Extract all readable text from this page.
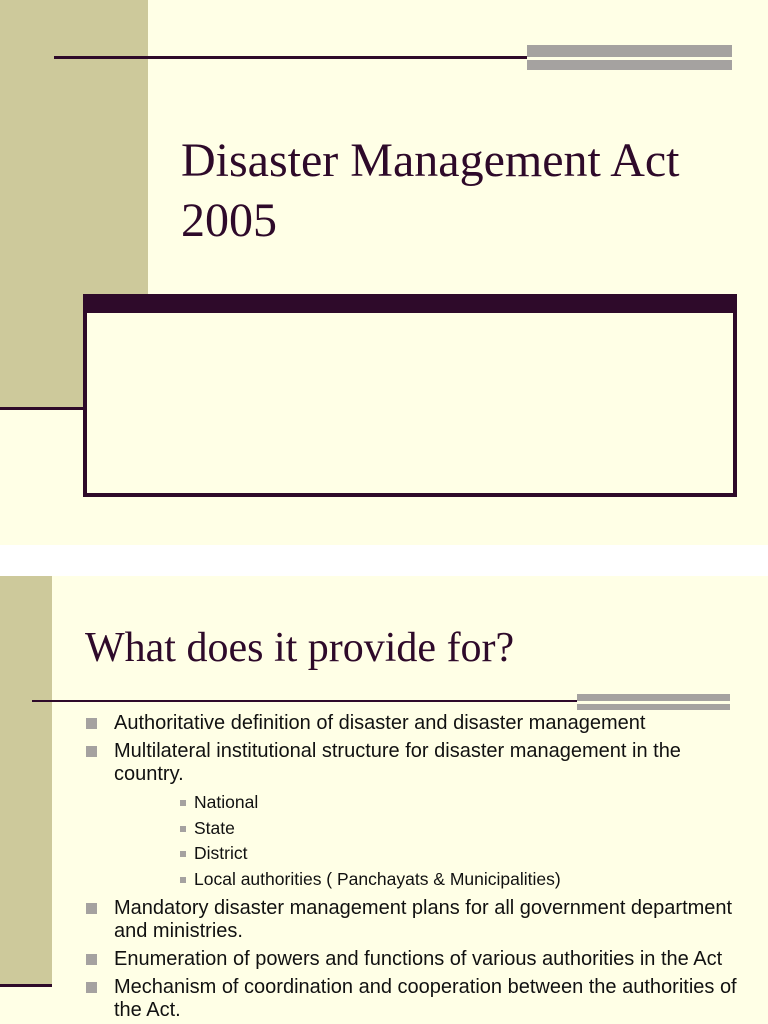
Disaster Management Act
2005
What does it provide for?
Authoritative definition of disaster and disaster management
Multilateral institutional structure for disaster management in the country.
National
State
District
Local authorities ( Panchayats & Municipalities)
Mandatory disaster management plans for all government department and ministries.
Enumeration of powers and functions of various authorities in the Act
Mechanism of coordination and cooperation between the authorities of the Act.
